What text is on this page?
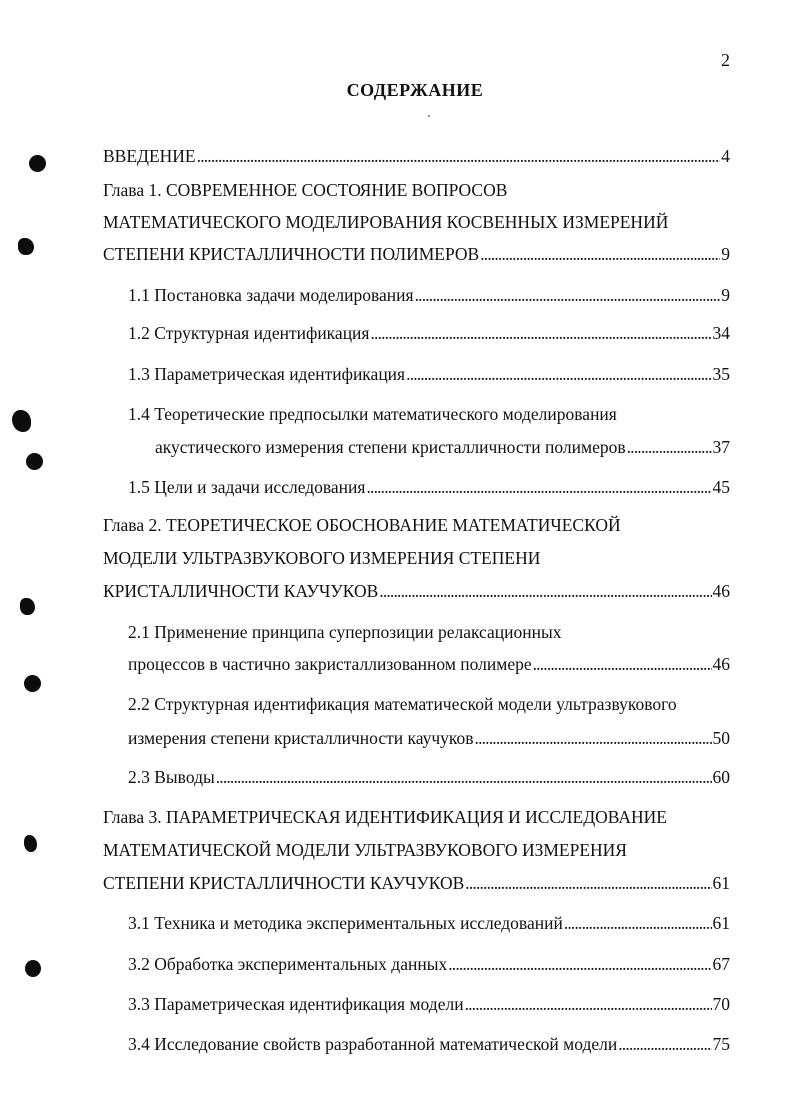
2
СОДЕРЖАНИЕ
ВВЕДЕНИЕ . . .	4
Глава 1. СОВРЕМЕННОЕ СОСТОЯНИЕ ВОПРОСОВ
МАТЕМАТИЧЕСКОГО МОДЕЛИРОВАНИЯ КОСВЕННЫХ ИЗМЕРЕНИЙ
СТЕПЕНИ КРИСТАЛЛИЧНОСТИ ПОЛИМЕРОВ . . .	9
1.1 Постановка задачи моделирования . . .	9
1.2 Структурная идентификация . . .	34
1.3 Параметрическая идентификация . . .	35
1.4 Теоретические предпосылки математического моделирования
акустического измерения степени кристалличности полимеров . . .	37
1.5 Цели и задачи исследования . . .	45
Глава 2. ТЕОРЕТИЧЕСКОЕ ОБОСНОВАНИЕ МАТЕМАТИЧЕСКОЙ
МОДЕЛИ УЛЬТРАЗВУКОВОГО ИЗМЕРЕНИЯ СТЕПЕНИ
КРИСТАЛЛИЧНОСТИ КАУЧУКОВ . . .	46
2.1 Применение принципа суперпозиции релаксационных
процессов в частично закристаллизованном полимере . . .	46
2.2 Структурная идентификация математической модели ультразвукового
измерения степени кристалличности каучуков . . .	50
2.3 Выводы . . .	60
Глава 3. ПАРАМЕТРИЧЕСКАЯ ИДЕНТИФИКАЦИЯ И ИССЛЕДОВАНИЕ
МАТЕМАТИЧЕСКОЙ МОДЕЛИ УЛЬТРАЗВУКОВОГО ИЗМЕРЕНИЯ
СТЕПЕНИ КРИСТАЛЛИЧНОСТИ КАУЧУКОВ . . .	61
3.1 Техника и методика экспериментальных исследований . . .	61
3.2 Обработка экспериментальных данных . . .	67
3.3 Параметрическая идентификация модели . . .	70
3.4 Исследование свойств разработанной математической модели . . .	75
